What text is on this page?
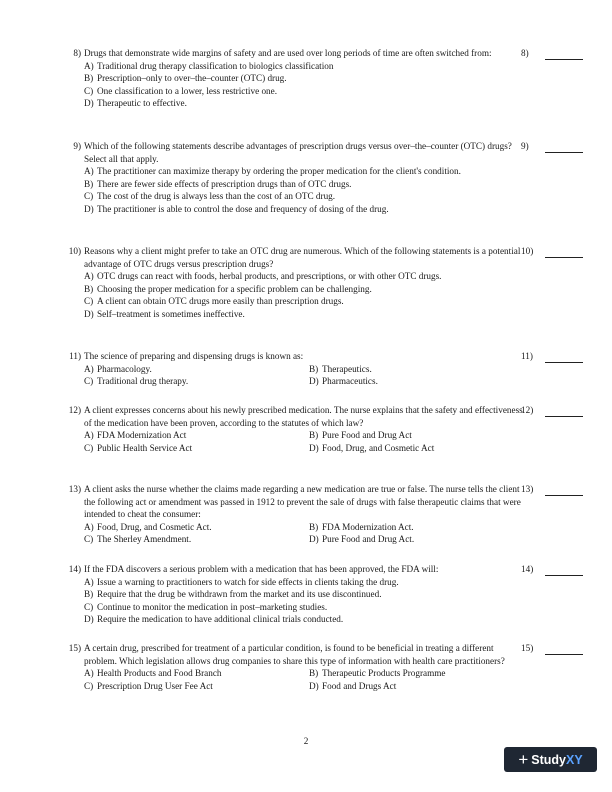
8) Drugs that demonstrate wide margins of safety and are used over long periods of time are often switched from:	8)
A) Traditional drug therapy classification to biologics classification
B) Prescription–only to over–the–counter (OTC) drug.
C) One classification to a lower, less restrictive one.
D) Therapeutic to effective.
9) Which of the following statements describe advantages of prescription drugs versus over–the–counter (OTC) drugs? Select all that apply.
9)
A) The practitioner can maximize therapy by ordering the proper medication for the client's condition.
B) There are fewer side effects of prescription drugs than of OTC drugs.
C) The cost of the drug is always less than the cost of an OTC drug.
D) The practitioner is able to control the dose and frequency of dosing of the drug.
10) Reasons why a client might prefer to take an OTC drug are numerous. Which of the following statements is a potential advantage of OTC drugs versus prescription drugs?
10)
A) OTC drugs can react with foods, herbal products, and prescriptions, or with other OTC drugs.
B) Choosing the proper medication for a specific problem can be challenging.
C) A client can obtain OTC drugs more easily than prescription drugs.
D) Self–treatment is sometimes ineffective.
11) The science of preparing and dispensing drugs is known as:	11)
A) Pharmacology.	B) Therapeutics.
C) Traditional drug therapy.	D) Pharmaceutics.
12) A client expresses concerns about his newly prescribed medication. The nurse explains that the safety and effectiveness of the medication have been proven, according to the statutes of which law?
12)
A) FDA Modernization Act	B) Pure Food and Drug Act
C) Public Health Service Act	D) Food, Drug, and Cosmetic Act
13) A client asks the nurse whether the claims made regarding a new medication are true or false. The nurse tells the client the following act or amendment was passed in 1912 to prevent the sale of drugs with false therapeutic claims that were intended to cheat the consumer:
13)
A) Food, Drug, and Cosmetic Act.	B) FDA Modernization Act.
C) The Sherley Amendment.	D) Pure Food and Drug Act.
14) If the FDA discovers a serious problem with a medication that has been approved, the FDA will:	14)
A) Issue a warning to practitioners to watch for side effects in clients taking the drug.
B) Require that the drug be withdrawn from the market and its use discontinued.
C) Continue to monitor the medication in post–marketing studies.
D) Require the medication to have additional clinical trials conducted.
15) A certain drug, prescribed for treatment of a particular condition, is found to be beneficial in treating a different problem. Which legislation allows drug companies to share this type of information with health care practitioners?
15)
A) Health Products and Food Branch	B) Therapeutic Products Programme
C) Prescription Drug User Fee Act	D) Food and Drugs Act
2
+ Study XY
